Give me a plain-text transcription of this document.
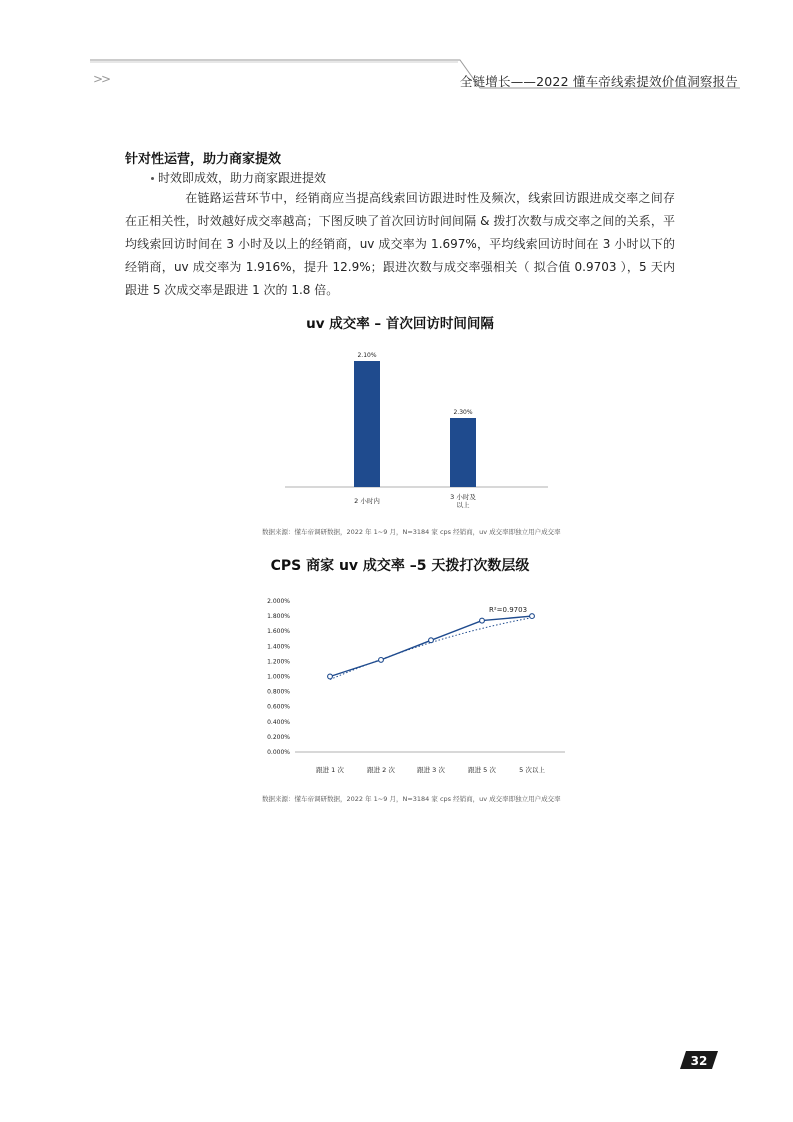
>>	全链增长——2022 懂车帝线索提效价值洞察报告
针对性运营，助力商家提效
时效即成效，助力商家跟进提效
在链路运营环节中，经销商应当提高线索回访跟进时性及频次，线索回访跟进成交率之间存在正相关性，时效越好成交率越高；下图反映了首次回访时间间隔 & 拨打次数与成交率之间的关系，平均线索回访时间在 3 小时及以上的经销商，uv 成交率为 1.697%，平均线索回访时间在 3 小时以下的经销商，uv 成交率为 1.916%，提升 12.9%；跟进次数与成交率强相关（ 拟合值 0.9703 ），5 天内跟进 5 次成交率是跟进 1 次的 1.8 倍。
uv 成交率 – 首次回访时间间隔
2.10%
2 小时内
2.30%
3 小时及
以上
数据来源：懂车帝调研数据，2022 年 1~9 月，N=3184 家 cps 经销商，uv 成交率即独立用户成交率
CPS 商家 uv 成交率 –5 天拨打次数层级
0.000%
0.200%
0.400%
0.600%
0.800%
1.000%
1.200%
1.400%
1.600%
1.800%
2.000%
跟进 1 次	跟进 2 次	跟进 3 次	跟进 5 次	5 次以上
R²=0.9703
数据来源：懂车帝调研数据，2022 年 1~9 月，N=3184 家 cps 经销商，uv 成交率即独立用户成交率
32
